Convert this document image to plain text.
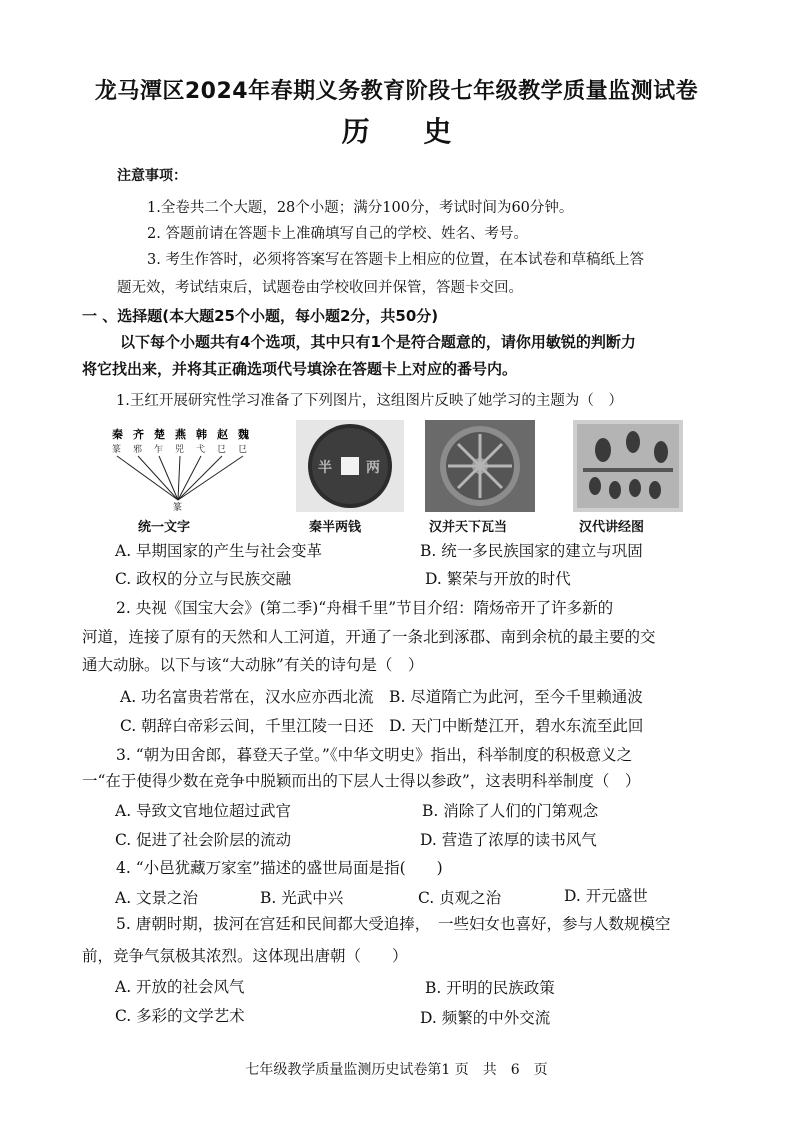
龙马潭区2024年春期义务教育阶段七年级教学质量监测试卷
历 史
注意事项：
1.全卷共二个大题，28个小题；满分100分，考试时间为60分钟。
2. 答题前请在答题卡上准确填写自己的学校、姓名、考号。
3. 考生作答时，必须将答案写在答题卡上相应的位置，在本试卷和草稿纸上答
题无效，考试结束后，试题卷由学校收回并保管，答题卡交回。
一 、选择题(本大题25个小题，每小题2分，共50分)
以下每个小题共有4个选项，其中只有1个是符合题意的，请你用敏锐的判断力
将它找出来，并将其正确选项代号填涂在答题卡上对应的番号内。
1.王红开展研究性学习准备了下列图片，这组图片反映了她学习的主题为（　）
秦 齐 楚 燕 韩 赵 魏
篆 邪 乍 兕 弋 㔾 㔾
篆
统一文字
半 两
秦半两钱	汉并天下瓦当	汉代讲经图
A. 早期国家的产生与社会变革	B. 统一多民族国家的建立与巩固
C. 政权的分立与民族交融	D. 繁荣与开放的时代
2. 央视《国宝大会》(第二季)“舟楫千里”节目介绍：隋炀帝开了许多新的
河道，连接了原有的天然和人工河道，开通了一条北到涿郡、南到余杭的最主要的交
通大动脉。以下与该“大动脉”有关的诗句是（　）
A. 功名富贵若常在，汉水应亦西北流　B. 尽道隋亡为此河，至今千里赖通波
C. 朝辞白帝彩云间，千里江陵一日还　D. 天门中断楚江开，碧水东流至此回
3. “朝为田舍郎，暮登天子堂。”《中华文明史》指出，科举制度的积极意义之
一“在于使得少数在竞争中脱颖而出的下层人士得以参政”，这表明科举制度（　）
A. 导致文官地位超过武官	B. 消除了人们的门第观念
C. 促进了社会阶层的流动	D. 营造了浓厚的读书风气
4. “小邑犹藏万家室”描述的盛世局面是指(　　)
A. 文景之治	B. 光武中兴	C. 贞观之治	D. 开元盛世
5. 唐朝时期，拔河在宫廷和民间都大受追捧，　一些妇女也喜好，参与人数规模空
前，竞争气氛极其浓烈。这体现出唐朝（　　）
A. 开放的社会风气	B. 开明的民族政策
C. 多彩的文学艺术	D. 频繁的中外交流
七年级教学质量监测历史试卷第1 页　共　6　页
